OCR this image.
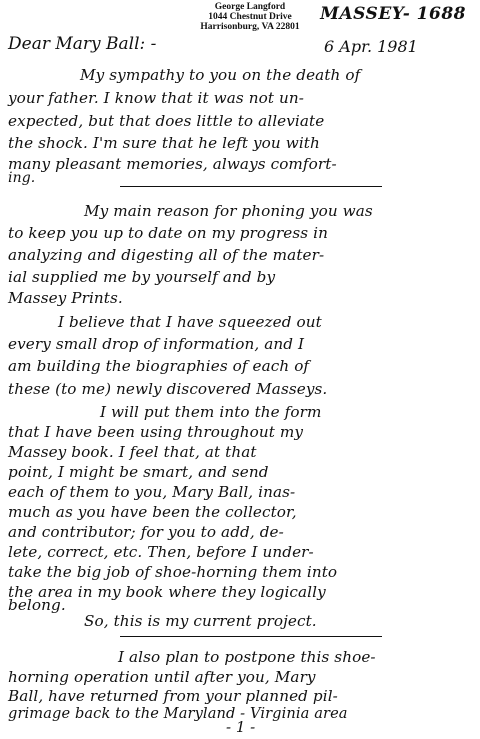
George Langford
1044 Chestnut Drive
Harrisonburg, VA 22801
MASSEY- 1688
Dear Mary Ball: -	6 Apr. 1981
My sympathy to you on the death of
your father. I know that it was not un-
expected, but that does little to alleviate
the shock. I'm sure that he left you with
many pleasant memories, always comfort-
ing.
My main reason for phoning you was
to keep you up to date on my progress in
analyzing and digesting all of the mater-
ial supplied me by yourself and by
Massey Prints.
I believe that I have squeezed out
every small drop of information, and I
am building the biographies of each of
these (to me) newly discovered Masseys.
I will put them into the form
that I have been using throughout my
Massey book. I feel that, at that
point, I might be smart, and send
each of them to you, Mary Ball, inas-
much as you have been the collector,
and contributor; for you to add, de-
lete, correct, etc. Then, before I under-
take the big job of shoe-horning them into
the area in my book where they logically
I also plan to postpone this shoe-
horning operation until after you, Mary
Ball, have returned from your planned pil-
grimage back to the Maryland - Virginia area
- 1 -
belong.
So, this is my current project.
